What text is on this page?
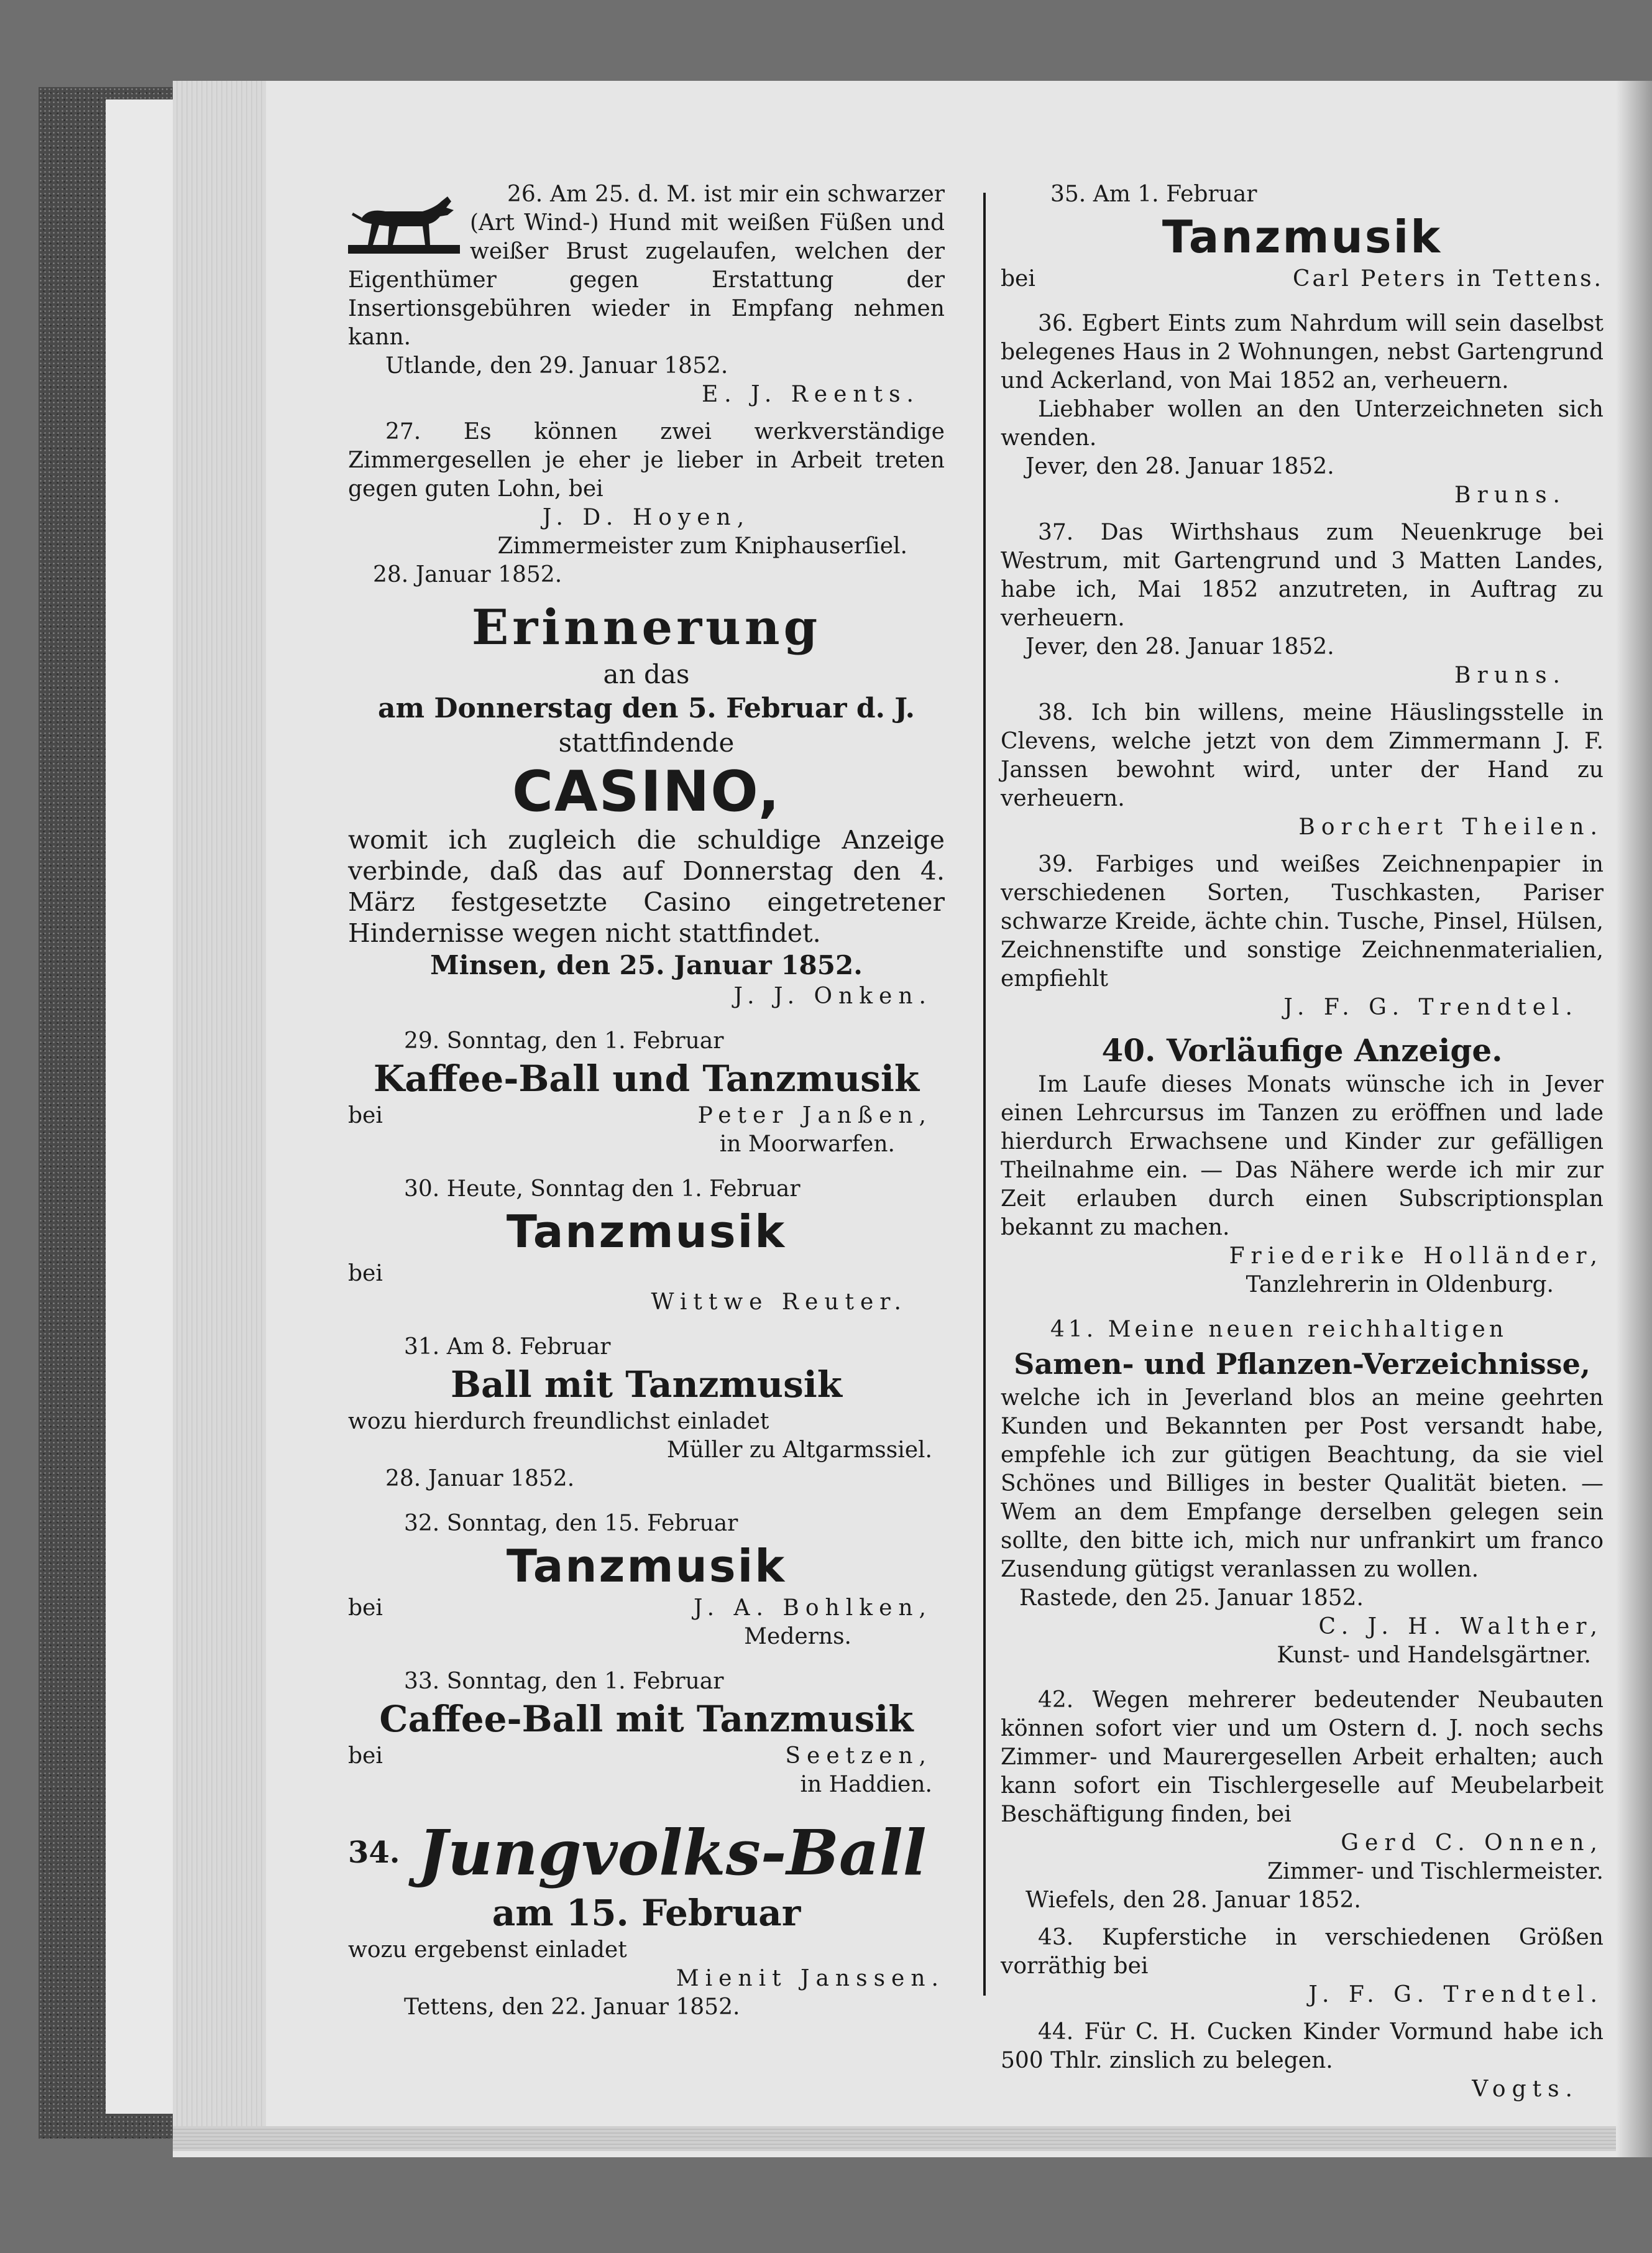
26. Am 25. d. M. ist mir ein schwarzer (Art Wind-) Hund mit weißen Füßen und weißer Brust zugelaufen, welchen der Eigenthümer gegen Erstattung der Insertionsgebühren wieder in Empfang nehmen kann.

Utlande, den 29. Januar 1852.

E. J. Reents.

27. Es können zwei werkverständige Zimmergesellen je eher je lieber in Arbeit treten gegen guten Lohn, bei

J. D. Hoyen,

Zimmermeister zum Kniphauserſiel.

28. Januar 1852.

Erinnerung

an das

am Donnerstag den 5. Februar d. J.

stattfindende

CASINO,

womit ich zugleich die schuldige Anzeige verbinde, daß das auf Donnerstag den 4. März festgesetzte Casino eingetretener Hindernisse wegen nicht stattfindet.

Minsen, den 25. Januar 1852.

J. J. Onken.

29. Sonntag, den 1. Februar

Kaffee-Ball und Tanzmusik

bei	Peter Janßen,

in Moorwarfen.

30. Heute, Sonntag den 1. Februar

Tanzmusik

bei

Wittwe Reuter.

31. Am 8. Februar

Ball mit Tanzmusik

wozu hierdurch freundlichst einladet

Müller zu Altgarmssiel.

28. Januar 1852.

32. Sonntag, den 15. Februar

Tanzmusik

bei	J. A. Bohlken,

Mederns.

33. Sonntag, den 1. Februar

Caffee-Ball mit Tanzmusik

bei	Seetzen,

in Haddien.

34. Jungvolks-Ball

am 15. Februar

wozu ergebenst einladet

Mienit Janssen.

Tettens, den 22. Januar 1852.

35. Am 1. Februar

Tanzmusik

bei	Carl Peters in Tettens.

36. Egbert Eints zum Nahrdum will sein daselbst belegenes Haus in 2 Wohnungen, nebst Gartengrund und Ackerland, von Mai 1852 an, verheuern.

Liebhaber wollen an den Unterzeichneten sich wenden.

Jever, den 28. Januar 1852.

Bruns.

37. Das Wirthshaus zum Neuenkruge bei Westrum, mit Gartengrund und 3 Matten Landes, habe ich, Mai 1852 anzutreten, in Auftrag zu verheuern.

Jever, den 28. Januar 1852.

Bruns.

38. Ich bin willens, meine Häuslingsstelle in Clevens, welche jetzt von dem Zimmermann J. F. Janssen bewohnt wird, unter der Hand zu verheuern.

Borchert Theilen.

39. Farbiges und weißes Zeichnenpapier in verschiedenen Sorten, Tuschkasten, Pariser schwarze Kreide, ächte chin. Tusche, Pinsel, Hülsen, Zeichnenstifte und sonstige Zeichnenmaterialien, empfiehlt

J. F. G. Trendtel.

40. Vorläufige Anzeige.

Im Laufe dieses Monats wünsche ich in Jever einen Lehrcursus im Tanzen zu eröffnen und lade hierdurch Erwachsene und Kinder zur gefälligen Theilnahme ein. — Das Nähere werde ich mir zur Zeit erlauben durch einen Subscriptionsplan bekannt zu machen.

Friederike Holländer,

Tanzlehrerin in Oldenburg.

41. Meine neuen reichhaltigen

Samen- und Pflanzen-Verzeichnisse,

welche ich in Jeverland blos an meine geehrten Kunden und Bekannten per Post versandt habe, empfehle ich zur gütigen Beachtung, da sie viel Schönes und Billiges in bester Qualität bieten. — Wem an dem Empfange derselben gelegen sein sollte, den bitte ich, mich nur unfrankirt um franco Zusendung gütigst veranlassen zu wollen.

Rastede, den 25. Januar 1852.

C. J. H. Walther,

Kunst- und Handelsgärtner.

42. Wegen mehrerer bedeutender Neubauten können sofort vier und um Ostern d. J. noch sechs Zimmer- und Maurergesellen Arbeit erhalten; auch kann sofort ein Tischlergeselle auf Meubelarbeit Beschäftigung finden, bei

Gerd C. Onnen,

Zimmer- und Tischlermeister.

Wiefels, den 28. Januar 1852.

43. Kupferstiche in verschiedenen Größen vorräthig bei

J. F. G. Trendtel.

44. Für C. H. Cucken Kinder Vormund habe ich 500 Thlr. zinslich zu belegen.

Vogts.
